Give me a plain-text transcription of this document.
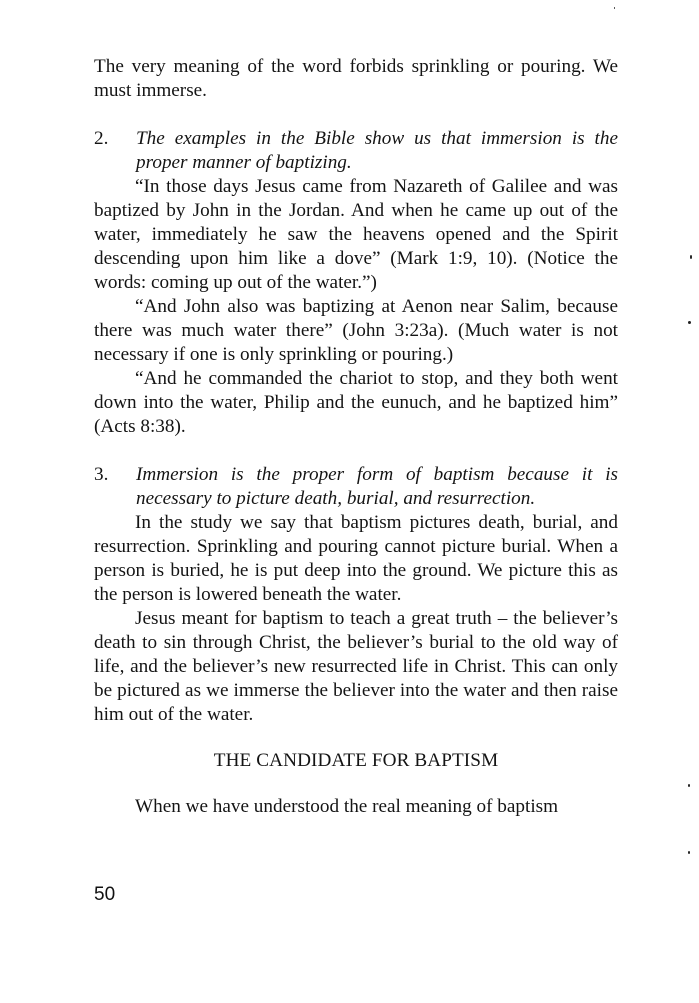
The very meaning of the word forbids sprinkling or pouring. We must immerse.

2.	The examples in the Bible show us that immersion is the proper manner of baptizing.

“In those days Jesus came from Nazareth of Galilee and was baptized by John in the Jordan. And when he came up out of the water, immediately he saw the heavens opened and the Spirit descending upon him like a dove” (Mark 1:9, 10). (Notice the words: coming up out of the water.”)

“And John also was baptizing at Aenon near Salim, because there was much water there” (John 3:23a). (Much water is not necessary if one is only sprinkling or pouring.)

“And he commanded the chariot to stop, and they both went down into the water, Philip and the eunuch, and he baptized him” (Acts 8:38).

3.	Immersion is the proper form of baptism because it is necessary to picture death, burial, and resurrection.

In the study we say that baptism pictures death, burial, and resurrection. Sprinkling and pouring cannot picture burial. When a person is buried, he is put deep into the ground. We picture this as the person is lowered beneath the water.

Jesus meant for baptism to teach a great truth – the believer’s death to sin through Christ, the believer’s burial to the old way of life, and the believer’s new resurrected life in Christ. This can only be pictured as we immerse the believer into the water and then raise him out of the water.

THE CANDIDATE FOR BAPTISM

When we have understood the real meaning of baptism

50
